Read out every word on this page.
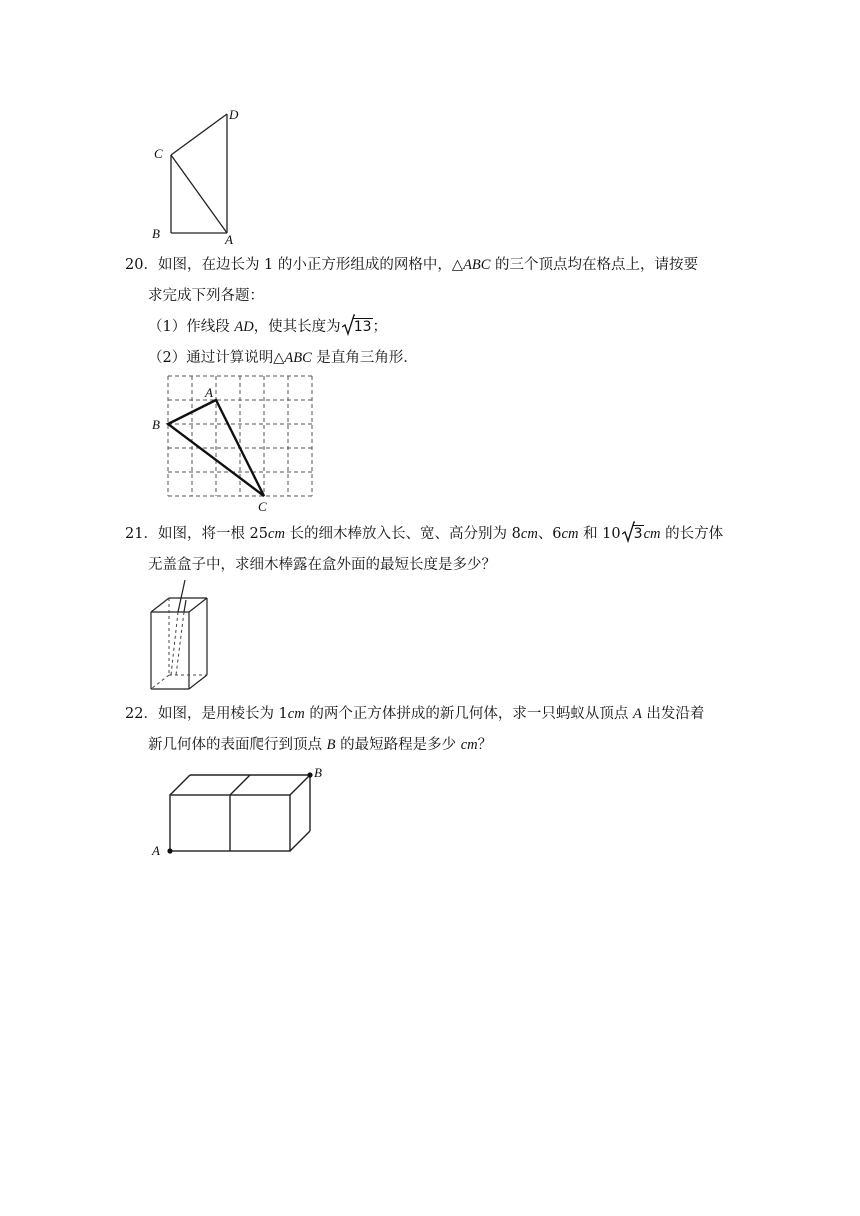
D
C
B	A
20．如图，在边长为 1 的小正方形组成的网格中，△ABC 的三个顶点均在格点上，请按要
求完成下列各题：
（1）作线段 AD，使其长度为 13；
（2）通过计算说明△ABC 是直角三角形．
A
B
C
21．如图，将一根 25cm 长的细木棒放入长、宽、高分别为 8cm、6cm 和 10 3cm 的长方体
无盖盒子中，求细木棒露在盒外面的最短长度是多少？
22．如图，是用棱长为 1cm 的两个正方体拼成的新几何体，求一只蚂蚁从顶点 A 出发沿着
新几何体的表面爬行到顶点 B 的最短路程是多少 cm？
B
A
